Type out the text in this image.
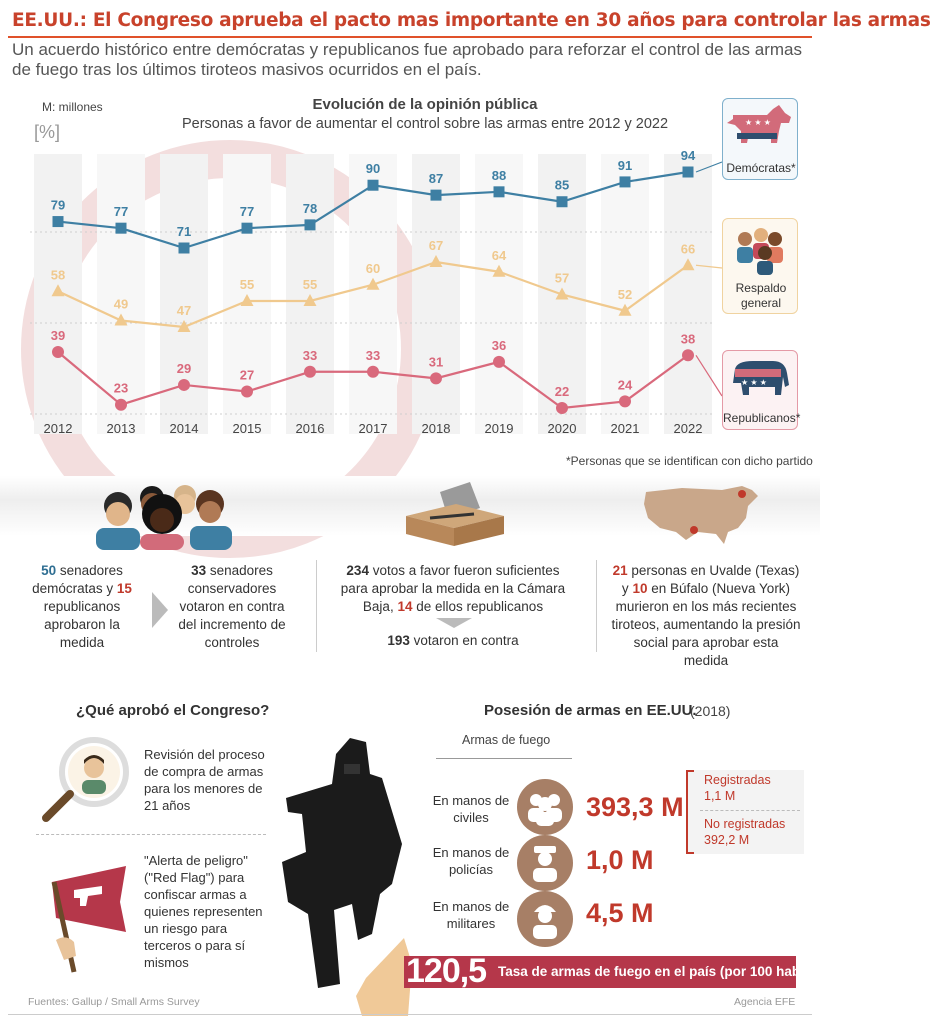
EE.UU.: El Congreso aprueba el pacto mas importante en 30 años para controlar las armas
Un acuerdo histórico entre demócratas y republicanos fue aprobado para reforzar el control de las armas de fuego tras los últimos tiroteos masivos ocurridos en el país.
M: millones
[%]
Evolución de la opinión pública
Personas a favor de aumentar el control sobre las armas entre 2012 y 2022
79	77
71
77	78
90
87	88
85
91
94
58
49	47
55	55
60
67
64
57
52
66
39
23
29	27
33	33	31
36
22	24
38
2012	2013	2014	2015	2016	2017	2018	2019	2020	2021	2022
★ ★ ★
Demócratas*
Respaldo general
★ ★ ★
Republicanos*
*Personas que se identifican con dicho partido
50 senadores demócratas y 15 republicanos aprobaron la medida
33 senadores conservadores votaron en contra del incremento de controles
234 votos a favor fueron suficientes para aprobar la medida en la Cámara Baja, 14 de ellos republicanos
193 votaron en contra
21 personas en Uvalde (Texas) y 10 en Búfalo (Nueva York) murieron en los más recientes tiroteos, aumentando la presión social para aprobar esta medida
¿Qué aprobó el Congreso?
Revisión del proceso de compra de armas para los menores de 21 años
"Alerta de peligro" ("Red Flag") para confiscar armas a quienes representen un riesgo para terceros o para sí mismos
Posesión de armas en EE.UU.
(2018)
Armas de fuego
En manos de civiles	393,3 M
En manos de policías	1,0 M
En manos de militares	4,5 M
Registradas
1,1 M
No registradas
392,2 M
120,5 Tasa de armas de fuego en el país (por 100 hab)
Fuentes: Gallup / Small Arms Survey	Agencia EFE
